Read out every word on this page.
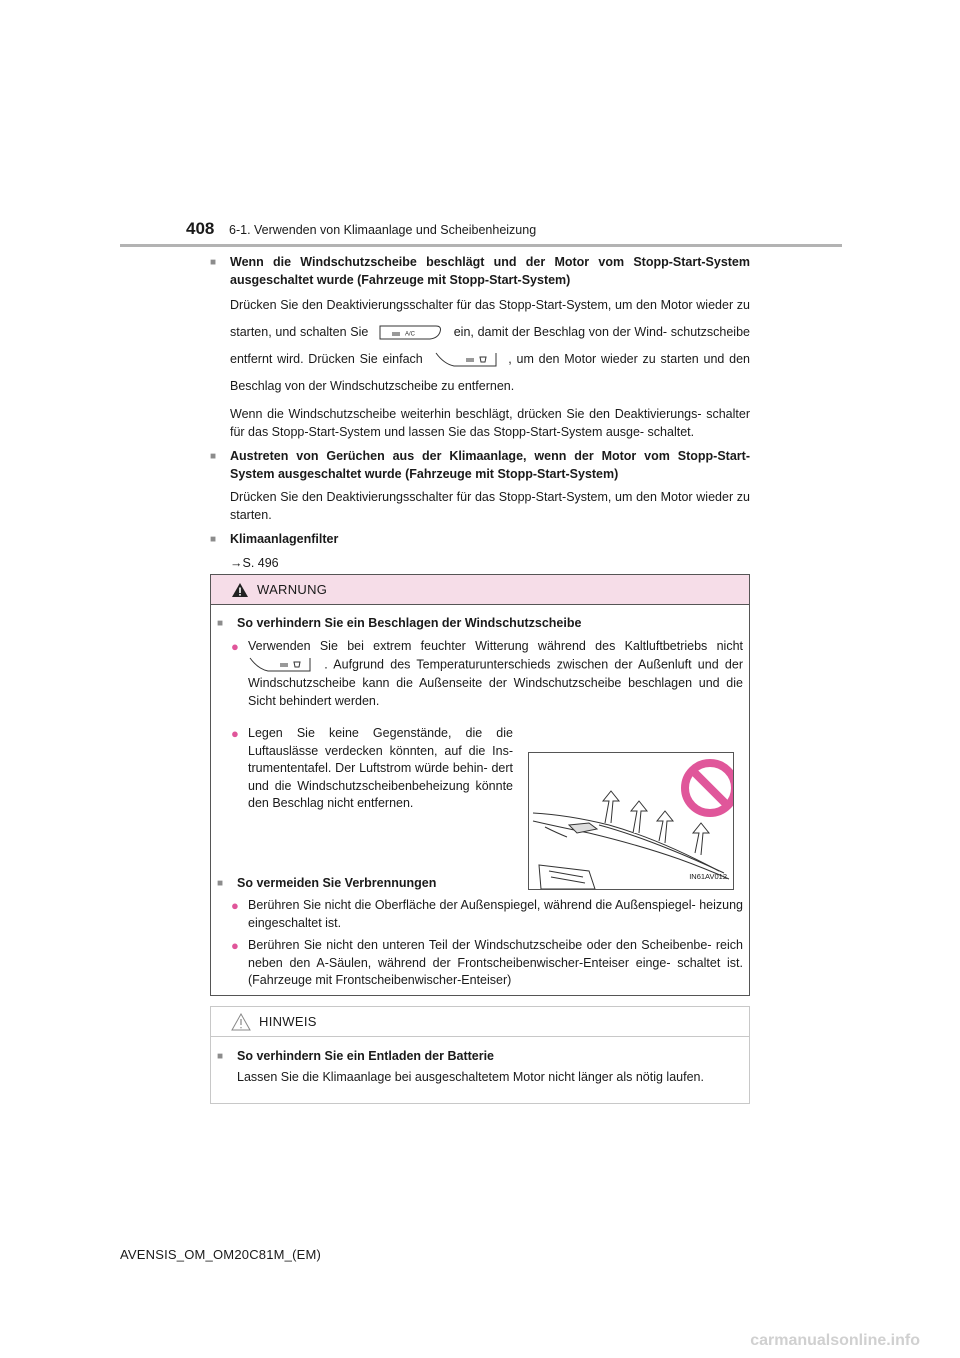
408 6-1. Verwenden von Klimaanlage und Scheibenheizung
■	Wenn die Windschutzscheibe beschlägt und der Motor vom Stopp-Start-System ausgeschaltet wurde (Fahrzeuge mit Stopp-Start-System)
Drücken Sie den Deaktivierungsschalter für das Stopp-Start-System, um den Motor wieder zu starten, und schalten Sie	A/C	ein, damit der Beschlag von der Wind- schutzscheibe entfernt wird. Drücken Sie einfach	, um den Motor wieder zu starten und den Beschlag von der Windschutzscheibe zu entfernen.
Wenn die Windschutzscheibe weiterhin beschlägt, drücken Sie den Deaktivierungs- schalter für das Stopp-Start-System und lassen Sie das Stopp-Start-System ausge- schaltet.
■	Austreten von Gerüchen aus der Klimaanlage, wenn der Motor vom Stopp-Start- System ausgeschaltet wurde (Fahrzeuge mit Stopp-Start-System)
Drücken Sie den Deaktivierungsschalter für das Stopp-Start-System, um den Motor wieder zu starten.
■	Klimaanlagenfilter
→S. 496
WARNUNG
■	So verhindern Sie ein Beschlagen der Windschutzscheibe
● Verwenden Sie bei extrem feuchter Witterung während des Kaltluftbetriebs nicht
. Aufgrund des Temperaturunterschieds zwischen der Außenluft und der Windschutzscheibe kann die Außenseite der Windschutzscheibe beschlagen und die Sicht behindert werden.
● Legen Sie keine Gegenstände, die die Luftauslässe verdecken könnten, auf die Ins- trumententafel. Der Luftstrom würde behin- dert und die Windschutzscheibenbeheizung könnte den Beschlag nicht entfernen.
IN61AV012
■	So vermeiden Sie Verbrennungen
● Berühren Sie nicht die Oberfläche der Außenspiegel, während die Außenspiegel- heizung eingeschaltet ist.
● Berühren Sie nicht den unteren Teil der Windschutzscheibe oder den Scheibenbe- reich neben den A-Säulen, während der Frontscheibenwischer-Enteiser einge- schaltet ist. (Fahrzeuge mit Frontscheibenwischer-Enteiser)
HINWEIS
■	So verhindern Sie ein Entladen der Batterie
Lassen Sie die Klimaanlage bei ausgeschaltetem Motor nicht länger als nötig laufen.
AVENSIS_OM_OM20C81M_(EM)
carmanualsonline.info
